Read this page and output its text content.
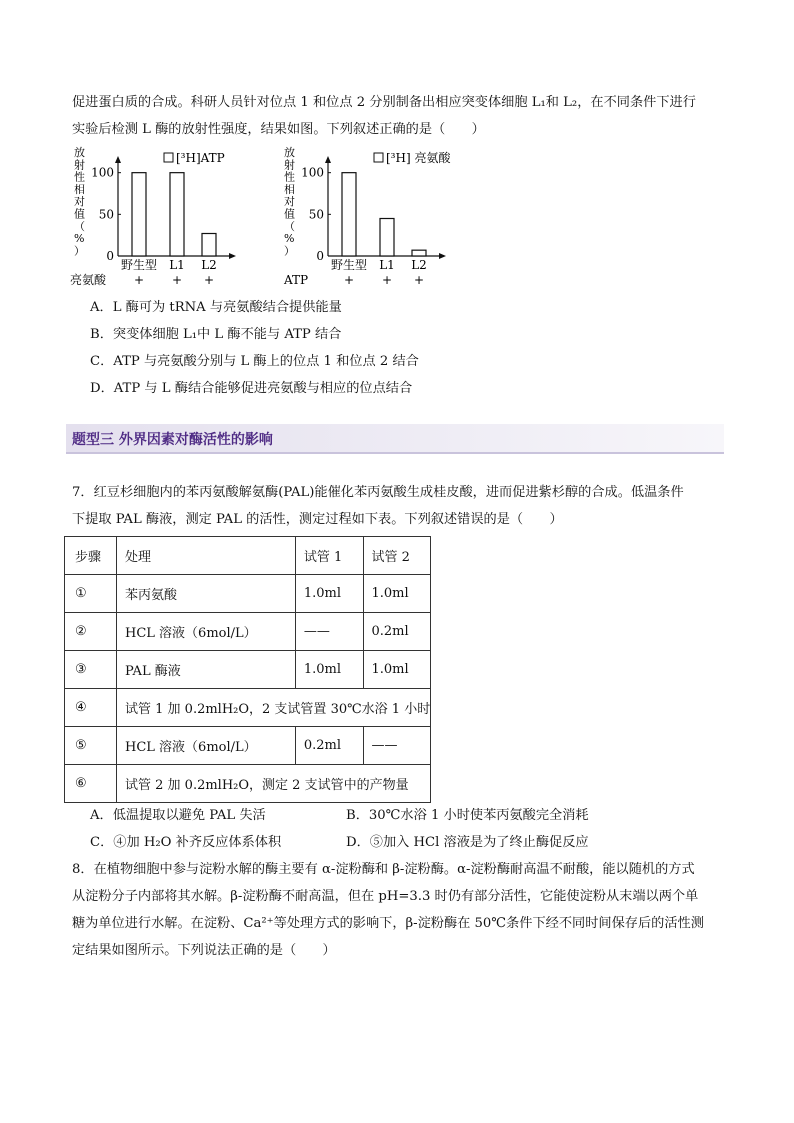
促进蛋白质的合成。科研人员针对位点 1 和位点 2 分别制备出相应突变体细胞 L₁和 L₂，在不同条件下进行
实验后检测 L 酶的放射性强度，结果如图。下列叙述正确的是（　　）
放射性相对值（%）
100
50
0
[³H]ATP
野生型 L1 L2
亮氨酸 + + +
放射性相对值（%）
100
50
0
[³H] 亮氨酸
野生型 L1 L2
ATP	+ + +
A．L 酶可为 tRNA 与亮氨酸结合提供能量
B．突变体细胞 L₁中 L 酶不能与 ATP 结合
C．ATP 与亮氨酸分别与 L 酶上的位点 1 和位点 2 结合
D．ATP 与 L 酶结合能够促进亮氨酸与相应的位点结合
题型三 外界因素对酶活性的影响
7．红豆杉细胞内的苯丙氨酸解氨酶(PAL)能催化苯丙氨酸生成桂皮酸，进而促进紫杉醇的合成。低温条件
下提取 PAL 酶液，测定 PAL 的活性，测定过程如下表。下列叙述错误的是（　　）
步骤	处理	试管 1	试管 2
①	苯丙氨酸	1.0ml	1.0ml
②	HCL 溶液（6mol/L）	——	0.2ml
③	PAL 酶液	1.0ml	1.0ml
④	试管 1 加 0.2mlH₂O，2 支试管置 30℃水浴 1 小时		
⑤	HCL 溶液（6mol/L）	0.2ml	——
⑥	试管 2 加 0.2mlH₂O，测定 2 支试管中的产物量		
A．低温提取以避免 PAL 失活	B．30℃水浴 1 小时使苯丙氨酸完全消耗
C．④加 H₂O 补齐反应体系体积	D．⑤加入 HCl 溶液是为了终止酶促反应
8．在植物细胞中参与淀粉水解的酶主要有 α-淀粉酶和 β-淀粉酶。α-淀粉酶耐高温不耐酸，能以随机的方式
从淀粉分子内部将其水解。β-淀粉酶不耐高温，但在 pH=3.3 时仍有部分活性，它能使淀粉从末端以两个单
糖为单位进行水解。在淀粉、Ca²⁺等处理方式的影响下，β-淀粉酶在 50℃条件下经不同时间保存后的活性测
定结果如图所示。下列说法正确的是（　　）
